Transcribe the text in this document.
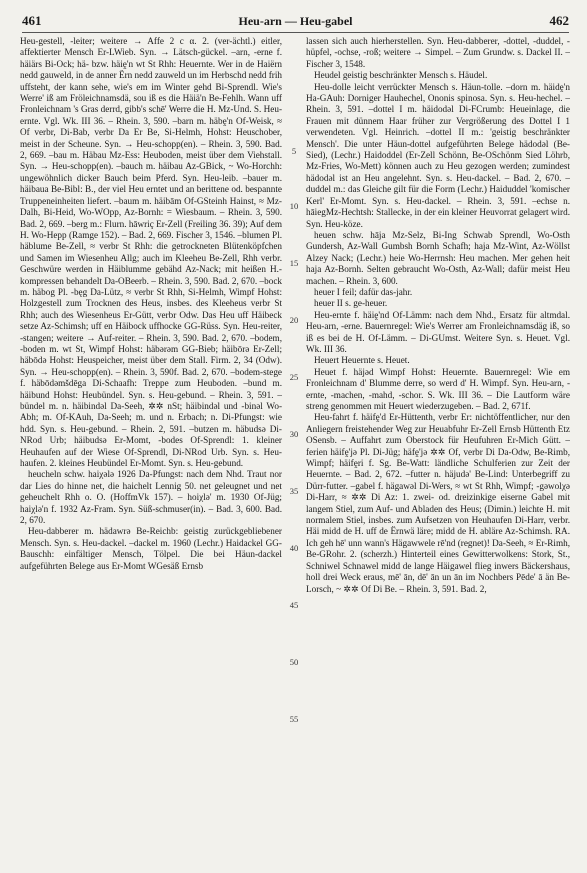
461	Heu-arn — Heu-gabel	462

Heu-gestell, -leiter; weitere → Affe 2 c α. 2. (ver-ächtl.) eitler, affektierter Mensch Er-LWieb. Syn. → Lätsch-gückel. –arn, -erne f. häiärs Bi-Ock; hä- bzw. häiḙ'n wt St Rhh: Heuernte. Wer in de Haiërn nedd gauweld, in de anner Ërn nedd zauweld un im Herbschd nedd frih uffsteht, der kann sehe, wie's em im Winter gehd Bi-Sprendl. Wie's Werre' iß am Fröleichnamsdä, sou iß es die Häiä'n Be-Fehlh. Wann uff Fronleichnam 's Gras derrd, gibb's schē' Werre die H. Mz-Und. S. Heu-ernte. Vgl. Wk. III 36. – Rhein. 3, 590. –barn m. häbḙ'n Of-Weisk, ≈ Of verbr, Di-Bab, verbr Da Er Be, Si-Helmh, Hohst: Heuschober, meist in der Scheune. Syn. → Heu-schopp(en). – Rhein. 3, 590. Bad. 2, 669. –bau m. Häbau Mz-Ess: Heuboden, meist über dem Viehstall. Syn. → Heu-schopp(en). –bauch m. häibau Az-GBick, ~ Wo-Horchh: ungewöhnlich dicker Bauch beim Pferd. Syn. Heu-leib. –bauer m. häibaua Be-Bibl: B., der viel Heu erntet und an berittene od. bespannte Truppeneinheiten liefert. –baum m. häibām Of-GSteinh Hainst, ≈ Mz-Dalh, Bi-Heid, Wo-WOpp, Az-Bornh: = Wiesbaum. – Rhein. 3, 590. Bad. 2, 669. –berg m.: Flurn. hāwriç Er-Zell (Freiling 36. 39); Auf dem H. Wo-Hepp (Ramge 152). – Bad. 2, 669. Fischer 3, 1546. –blumen Pl. häblume Be-Zell, ≈ verbr St Rhh: die getrockneten Blütenköpfchen und Samen im Wiesenheu Allg; auch im Kleeheu Be-Zell, Rhh verbr. Geschwüre werden in Häiblumme gebähd Az-Nack; mit heißen H.-kompressen behandelt Da-OBeerb. – Rhein. 3, 590. Bad. 2, 670. –bock m. häbog Pl. -bęg Da-Lütz, ≈ verbr St Rhh, Si-Helmh, Wimpf Hohst: Holzgestell zum Trocknen des Heus, insbes. des Kleeheus verbr St Rhh; auch des Wiesenheus Er-Gütt, verbr Odw. Das Heu uff Häibeck setze Az-Schimsh; uff en Häibock uffhocke GG-Rüss. Syn. Heu-reiter, -stangen; weitere → Auf-reiter. – Rhein. 3, 590. Bad. 2, 670. –bodem, -boden m. wt St, Wimpf Hohst: häbərəm GG-Bieb; häibōrə Er-Zell; häbōdə Hohst: Heuspeicher, meist über dem Stall. Firm. 2, 34 (Odw). Syn. → Heu-schopp(en). – Rhein. 3, 590f. Bad. 2, 670. –bodem-stege f. häbōdəmšdēga Di-Schaafh: Treppe zum Heuboden. –bund m. häibund Hohst: Heubündel. Syn. s. Heu-gebund. – Rhein. 3, 591. –bündel m. n. häibindəl Da-Seeh, ✲✲ nSt; häibindəl und -binəl Wo-Abh; m. Of-KAuh, Da-Seeh; m. und n. Erbach; n. Di-Pfungst: wie hdd. Syn. s. Heu-gebund. – Rhein. 2, 591. –butzen m. häbudsə Di-NRod Urb; häibudsə Er-Momt, -bodes Of-Sprendl: 1. kleiner Heuhaufen auf der Wiese Of-Sprendl, Di-NRod Urb. Syn. s. Heu-haufen. 2. kleines Heubündel Er-Momt. Syn. s. Heu-gebund.

heucheln schw. haiχələ 1926 Da-Pfungst: nach dem Nhd. Traut nor dar Lies do hinne net, die haichelt Lennig 50. net geleugnet und net geheuchelt Rhh o. O. (HoffmVk 157). – hoiχlə' m. 1930 Of-Jüg; haiχlə'n f. 1932 Az-Fram. Syn. Süß-schmuser(in). – Bad. 3, 600. Bad. 2, 670.

Heu-dabberer m. hädawrə Be-Reichb: geistig zurückgebliebener Mensch. Syn. s. Heu-dackel. –dackel m. 1960 (Lechr.) Haidackel GG-Bauschh: einfältiger Mensch, Tölpel. Die bei Häun-dackel aufgeführten Belege aus Er-Momt WGesäß Ernsb

5
10
15
20
25
30
35
40
45
50
55

lassen sich auch hierherstellen. Syn. Heu-dabberer, -dottel, -duddel, -hüpfel, -ochse, -roß; weitere → Simpel. – Zum Grundw. s. Dackel II. – Fischer 3, 1548.

Heudel geistig beschränkter Mensch s. Häudel.

Heu-dolle leicht verrückter Mensch s. Häun-tolle. –dorn m. häidḙ'n Ha-GAuh: Dorniger Hauhechel, Ononis spinosa. Syn. s. Heu-hechel. – Rhein. 3, 591. –dottel I m. häidodəl Di-FCrumb: Heueinlage, die Frauen mit dünnem Haar früher zur Vergrößerung des Dottel I 1 verwendeten. Vgl. Heinrich. –dottel II m.: 'geistig beschränkter Mensch'. Die unter Häun-dottel aufgeführten Belege hädodəl (Be-Sied), (Lechr.) Haidoddel (Er-Zell Schönn, Be-OSchönm Sied Löhrb, Mz-Fries, Wo-Mett) können auch zu Heu gezogen werden; zumindest hädodəl ist an Heu angelehnt. Syn. s. Heu-dackel. – Bad. 2, 670. –duddel m.: das Gleiche gilt für die Form (Lechr.) Haiduddel 'komischer Kerl' Er-Momt. Syn. s. Heu-dackel. – Rhein. 3, 591. –echse n. hāiegMz-Hechtsh: Stallecke, in der ein kleiner Heuvorrat gelagert wird. Syn. Heu-köze.

heuen schw. hāja Mz-Selz, Bi-Ing Schwab Sprendl, Wo-Osth Gundersh, Az-Wall Gumbsh Bornh Schafh; haja Mz-Wint, Az-Wöllst Alzey Nack; (Lechr.) heie Wo-Herrnsh: Heu machen. Mer gehen heit haja Az-Bornh. Selten gebraucht Wo-Osth, Az-Wall; dafür meist Heu machen. – Rhein. 3, 600.

heuer I feil; dafür das-jahr.

heuer II s. ge-heuer.

Heu-ernte f. häiḙ'nd Of-Lämm: nach dem Nhd., Ersatz für altmdal. Heu-arn, -erne. Bauernregel: Wie's Werrer am Fronleichnamsdäg iß, so iß es bei de H. Of-Lämm. – Di-GUmst. Weitere Syn. s. Heuet. Vgl. Wk. III 36.

Heuert Heuernte s. Heuet.

Heuet f. häjəd Wimpf Hohst: Heuernte. Bauernregel: Wie em Fronleichnam d' Blumme derre, so werd d' H. Wimpf. Syn. Heu-arn, -ernte, -machen, -mahd, -schor. S. Wk. III 36. – Die Lautform wäre streng genommen mit Heuert wiederzugeben. – Bad. 2, 671f.

Heu-fahrt f. häifḙ'd Er-Hüttenth, verbr Er: nichtöffentlicher, nur den Anliegern freistehender Weg zur Heuabfuhr Er-Zell Ernsb Hüttenth Etz OSensb. – Auffahrt zum Oberstock für Heufuhren Er-Mich Gütt. –ferien häifḙ'jə Pl. Di-Jüg; häfḙ'jə ✲✲ Of, verbr Di Da-Odw, Be-Rimb, Wimpf; häifḙri f. Sg. Be-Watt: ländliche Schulferien zur Zeit der Heuernte. – Bad. 2, 672. –futter n. häjudə' Be-Lind: Unterbegriff zu Dürr-futter. –gabel f. hägawəl Di-Wers, ≈ wt St Rhh, Wimpf; -gəwolχə Di-Harr, ≈ ✲✲ Di Az: 1. zwei- od. dreizinkige eiserne Gabel mit langem Stiel, zum Auf- und Abladen des Heus; (Dimin.) leichte H. mit normalem Stiel, insbes. zum Aufsetzen von Heuhaufen Di-Harr, verbr. Häi midd de H. uff de Ërnwä läre; midd de H. abläre Az-Schimsh. RA. Ich geh hē' unn wann's Hägawwele rē'nd (regnet)! Da-Seeh, ≈ Er-Rimh, Be-GRohr. 2. (scherzh.) Hinterteil eines Gewitterwolkens: Stork, St., Schniwel Schnawel midd de lange Häigawel flieg inwers Bäckershaus, holl drei Weck eraus, mē' ān, dē' ān un ān im Nochbers Pēde' ā än Be-Lorsch, ~ ✲✲ Of Di Be. – Rhein. 3, 591. Bad. 2,
